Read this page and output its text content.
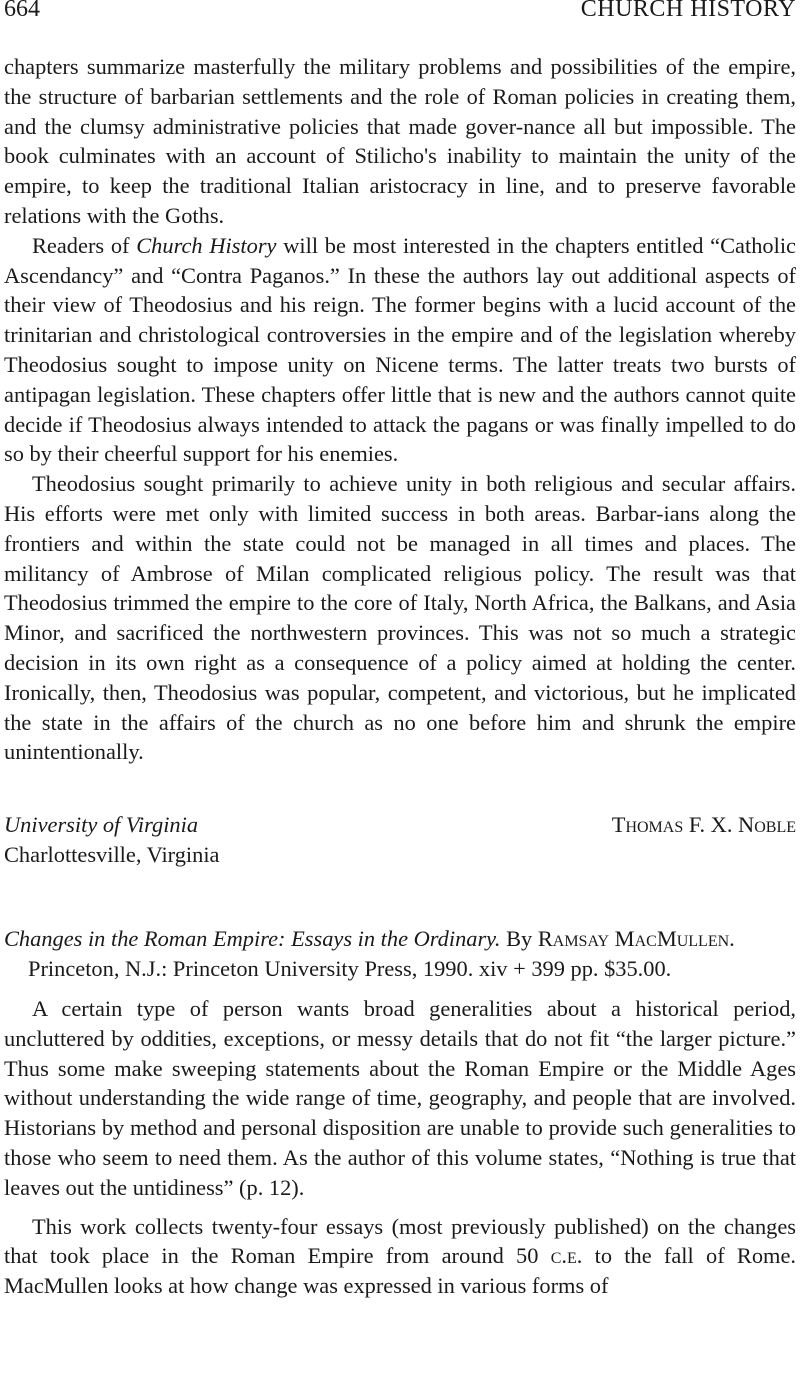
664	CHURCH HISTORY

chapters summarize masterfully the military problems and possibilities of the empire, the structure of barbarian settlements and the role of Roman policies in creating them, and the clumsy administrative policies that made gover-nance all but impossible. The book culminates with an account of Stilicho's inability to maintain the unity of the empire, to keep the traditional Italian aristocracy in line, and to preserve favorable relations with the Goths.

Readers of Church History will be most interested in the chapters entitled “Catholic Ascendancy” and “Contra Paganos.” In these the authors lay out additional aspects of their view of Theodosius and his reign. The former begins with a lucid account of the trinitarian and christological controversies in the empire and of the legislation whereby Theodosius sought to impose unity on Nicene terms. The latter treats two bursts of antipagan legislation. These chapters offer little that is new and the authors cannot quite decide if Theodosius always intended to attack the pagans or was finally impelled to do so by their cheerful support for his enemies.

Theodosius sought primarily to achieve unity in both religious and secular affairs. His efforts were met only with limited success in both areas. Barbar-ians along the frontiers and within the state could not be managed in all times and places. The militancy of Ambrose of Milan complicated religious policy. The result was that Theodosius trimmed the empire to the core of Italy, North Africa, the Balkans, and Asia Minor, and sacrificed the northwestern provinces. This was not so much a strategic decision in its own right as a consequence of a policy aimed at holding the center. Ironically, then, Theodosius was popular, competent, and victorious, but he implicated the state in the affairs of the church as no one before him and shrunk the empire unintentionally.

University of Virginia	Thomas F. X. Noble
Charlottesville, Virginia
Changes in the Roman Empire: Essays in the Ordinary. By Ramsay MacMullen.
Princeton, N.J.: Princeton University Press, 1990. xiv + 399 pp. $35.00.

A certain type of person wants broad generalities about a historical period, uncluttered by oddities, exceptions, or messy details that do not fit “the larger picture.” Thus some make sweeping statements about the Roman Empire or the Middle Ages without understanding the wide range of time, geography, and people that are involved. Historians by method and personal disposition are unable to provide such generalities to those who seem to need them. As the author of this volume states, “Nothing is true that leaves out the untidiness” (p. 12).

This work collects twenty-four essays (most previously published) on the changes that took place in the Roman Empire from around 50 c.e. to the fall of Rome. MacMullen looks at how change was expressed in various forms of
